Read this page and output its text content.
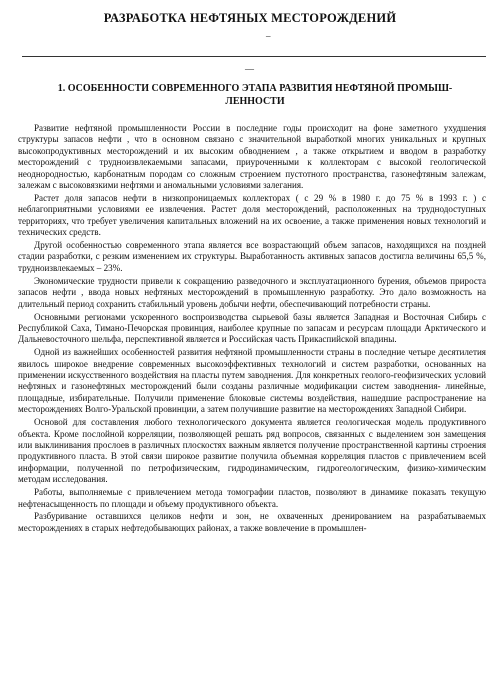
РАЗРАБОТКА НЕФТЯНЫХ МЕСТОРОЖДЕНИЙ
_
__
1. ОСОБЕННОСТИ СОВРЕМЕННОГО ЭТАПА РАЗВИТИЯ НЕФТЯНОЙ ПРОМЫШ-ЛЕННОСТИ

Развитие нефтяной промышленности России в последние годы происходит на фоне заметного ухудшения структуры запасов нефти , что в основном связано с значительной выработкой многих уникальных и крупных высокопродуктивных месторождений и их высоким обводнением , а также открытием и вводом в разработку месторождений с трудноизвлекаемыми запасами, приуроченными к коллекторам с высокой геологической неоднородностью, карбонатным породам со сложным строением пустотного пространства, газонефтяным залежам, залежам с высоковязкими нефтями и аномальными условиями залегания.

Растет доля запасов нефти в низкопроницаемых коллекторах ( с 29 % в 1980 г. до 75 % в 1993 г. ) с неблагоприятными условиями ее извлечения. Растет доля месторождений, расположенных на труднодоступных территориях, что требует увеличения капитальных вложений на их освоение, а также применения новых технологий и технических средств.

Другой особенностью современного этапа является все возрастающий объем запасов, находящихся на поздней стадии разработки, с резким изменением их структуры. Выработанность активных запасов достигла величины 65,5 %, трудноизвлекаемых – 23%.

Экономические трудности привели к сокращению разведочного и эксплуатационного бурения, объемов прироста запасов нефти , ввода новых нефтяных месторождений в промышленную разработку. Это дало возможность на длительный период сохранить стабильный уровень добычи нефти, обеспечивающий потребности страны.

Основными регионами ускоренного воспроизводства сырьевой базы является Западная и Восточная Сибирь с Республикой Саха, Тимано-Печорская провинция, наиболее крупные по запасам и ресурсам площади Арктического и Дальневосточного шельфа, перспективной является и Российская часть Прикаспийской впадины.

Одной из важнейших особенностей развития нефтяной промышленности страны в последние четыре десятилетия явилось широкое внедрение современных высокоэффективных технологий и систем разработки, основанных на применении искусственного воздействия на пласты путем заводнения. Для конкретных геолого-геофизических условий нефтяных и газонефтяных месторождений были созданы различные модификации систем заводнения- линейные, площадные, избирательные. Получили применение блоковые системы воздействия, нашедшие распространение на месторождениях Волго-Уральской провинции, а затем получившие развитие на месторождениях Западной Сибири.

Основой для составления любого технологического документа является геологическая модель продуктивного объекта. Кроме послойной корреляции, позволяющей решать ряд вопросов, связанных с выделением зон замещения или выклинивания прослоев в различных плоскостях важным является получение пространственной картины строения продуктивного пласта. В этой связи широкое развитие получила объемная корреляция пластов с привлечением всей информации, полученной по петрофизическим, гидродинамическим, гидрогеологическим, физико-химическим методам исследования.

Работы, выполняемые с привлечением метода томографии пластов, позволяют в динамике показать текущую нефтенасыщенность по площади и объему продуктивного объекта.

Разбуривание оставшихся целиков нефти и зон, не охваченных дренированием на разрабатываемых месторождениях в старых нефтедобывающих районах, а также вовлечение в промышлен-
